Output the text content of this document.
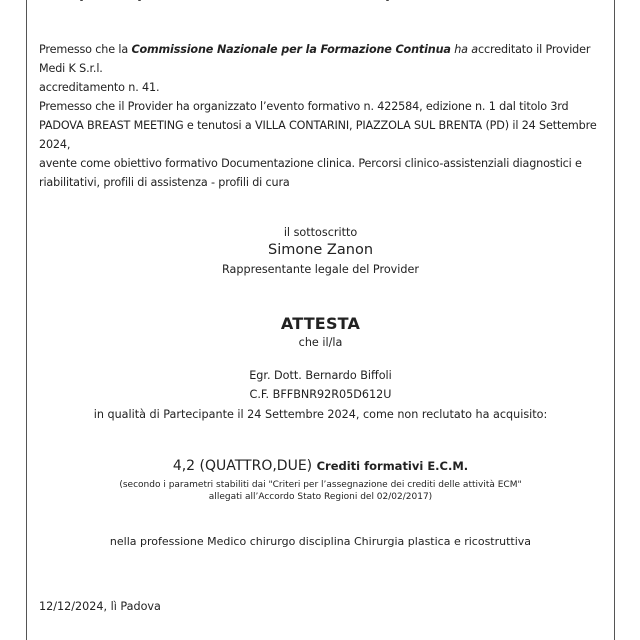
Premesso che la Commissione Nazionale per la Formazione Continua ha accreditato il Provider

Medi K S.r.l.

accreditamento n. 41.

Premesso che il Provider ha organizzato l’evento formativo n. 422584, edizione n. 1 dal titolo 3rd

PADOVA BREAST MEETING e tenutosi a VILLA CONTARINI, PIAZZOLA SUL BRENTA (PD) il 24 Settembre

2024,

avente come obiettivo formativo Documentazione clinica. Percorsi clinico-assistenziali diagnostici e

riabilitativi, profili di assistenza - profili di cura

il sottoscritto
Simone Zanon
Rappresentante legale del Provider
ATTESTA
che il/la
Egr. Dott. Bernardo Biffoli
C.F. BFFBNR92R05D612U
in qualità di Partecipante il 24 Settembre 2024, come non reclutato ha acquisito:
4,2 (QUATTRO,DUE) Crediti formativi E.C.M.
(secondo i parametri stabiliti dai "Criteri per l’assegnazione dei crediti delle attività ECM"
allegati all’Accordo Stato Regioni del 02/02/2017)
nella professione Medico chirurgo disciplina Chirurgia plastica e ricostruttiva
12/12/2024, lì Padova
